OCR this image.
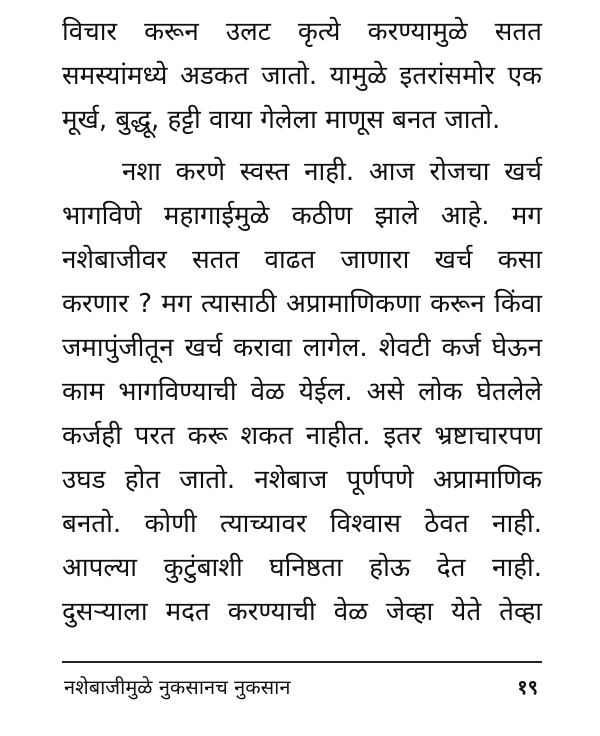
विचार करून उलट कृत्ये करण्यामुळे सतत
समस्यांमध्ये अडकत जातो. यामुळे इतरांसमोर एक
मूर्ख, बुद्धू, हट्टी वाया गेलेला माणूस बनत जातो.
नशा करणे स्वस्त नाही. आज रोजचा खर्च
भागविणे महागाईमुळे कठीण झाले आहे. मग
नशेबाजीवर सतत वाढत जाणारा खर्च कसा
करणार ? मग त्यासाठी अप्रामाणिकणा करून किंवा
जमापुंजीतून खर्च करावा लागेल. शेवटी कर्ज घेऊन
काम भागविण्याची वेळ येईल. असे लोक घेतलेले
कर्जही परत करू शकत नाहीत. इतर भ्रष्टाचारपण
उघड होत जातो. नशेबाज पूर्णपणे अप्रामाणिक
बनतो. कोणी त्याच्यावर विश्वास ठेवत नाही.
आपल्या कुटुंबाशी घनिष्ठता होऊ देत नाही.
दुसऱ्याला मदत करण्याची वेळ जेव्हा येते तेव्हा
नशेबाजीमुळे नुकसानच नुकसान	१९
